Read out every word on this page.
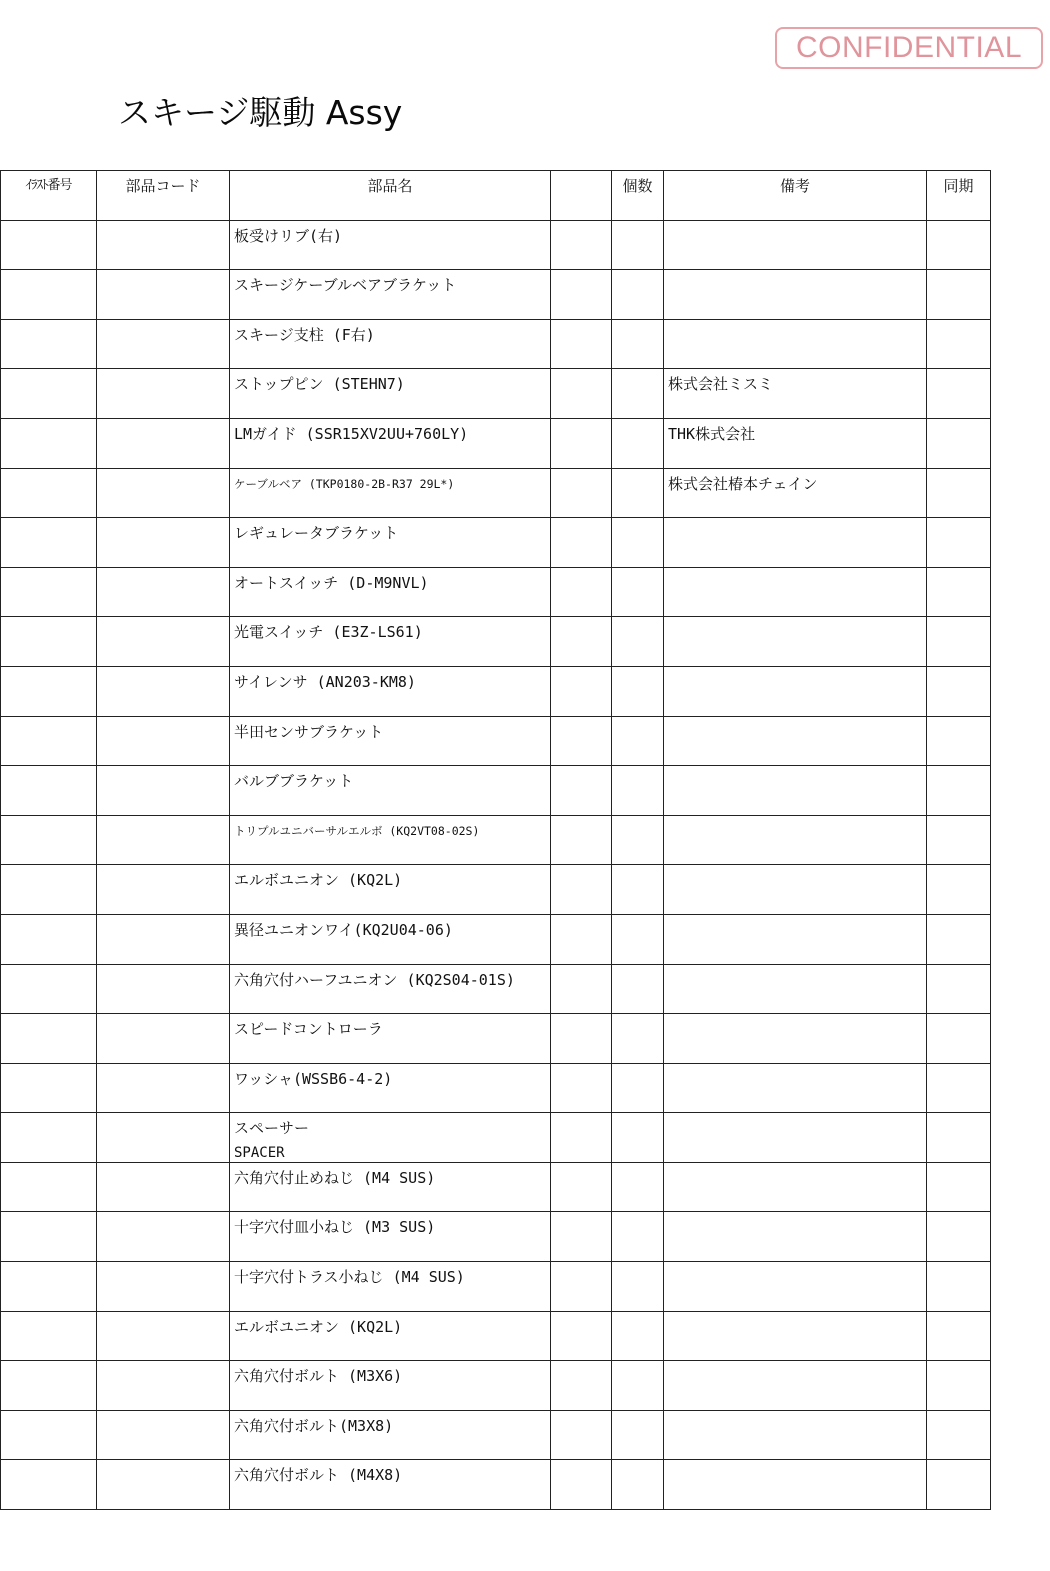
CONFIDENTIAL
スキージ駆動 Assy
ｲﾗｽﾄ番号	部品コード	部品名		個数	備考	同期
		板受けリブ(右)				
		スキージケーブルベアブラケット				
		スキージ支柱 (F右)				
		ストップピン (STEHN7)			株式会社ミスミ	
		LMガイド (SSR15XV2UU+760LY)			THK株式会社	
		ケーブルベア (TKP0180-2B-R37 29L*)			株式会社椿本チェイン	
		レギュレータブラケット				
		オートスイッチ (D-M9NVL)				
		光電スイッチ (E3Z-LS61)				
		サイレンサ (AN203-KM8)				
		半田センサブラケット				
		バルブブラケット				
		トリプルユニバーサルエルボ (KQ2VT08-02S)				
		エルボユニオン (KQ2L)				
		異径ユニオンワイ(KQ2U04-06)				
		六角穴付ハーフユニオン (KQ2S04-01S)				
		スピードコントローラ				
		ワッシャ(WSSB6-4-2)				
		スペーサー
SPACER				

		六角穴付止めねじ (M4 SUS)				
		十字穴付皿小ねじ (M3 SUS)				
		十字穴付トラス小ねじ (M4 SUS)				
		エルボユニオン (KQ2L)				
		六角穴付ボルト (M3X6)				
		六角穴付ボルト(M3X8)				
		六角穴付ボルト (M4X8)				
